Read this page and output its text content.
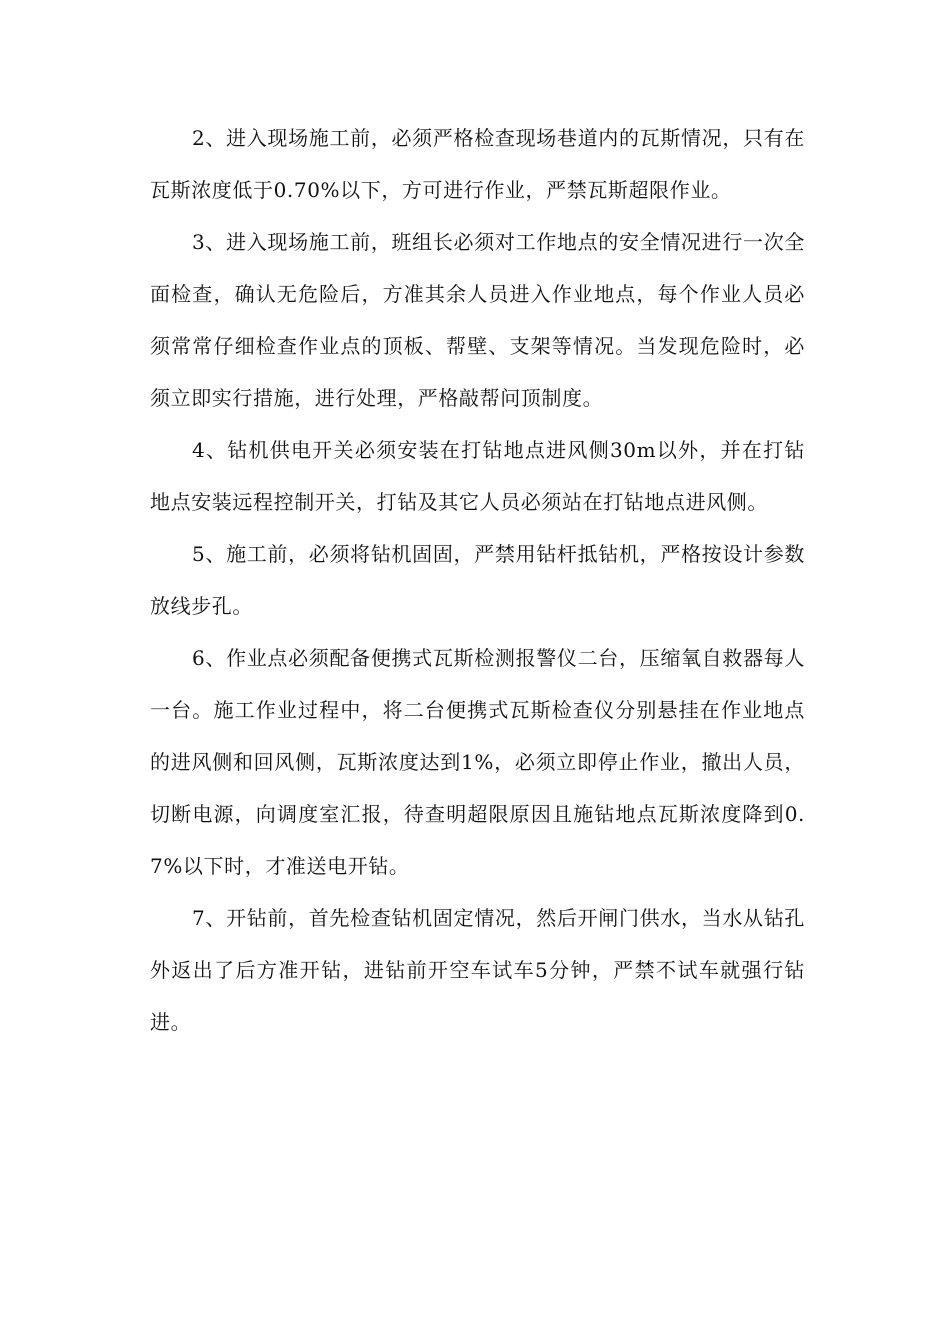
2、进入现场施工前，必须严格检查现场巷道内的瓦斯情况，只有在瓦斯浓度低于0.70%以下，方可进行作业，严禁瓦斯超限作业。

3、进入现场施工前，班组长必须对工作地点的安全情况进行一次全面检查，确认无危险后，方准其余人员进入作业地点，每个作业人员必须常常仔细检查作业点的顶板、帮壁、支架等情况。当发现危险时，必须立即实行措施，进行处理，严格敲帮问顶制度。

4、钻机供电开关必须安装在打钻地点进风侧30m以外，并在打钻地点安装远程控制开关，打钻及其它人员必须站在打钻地点进风侧。

5、施工前，必须将钻机固固，严禁用钻杆抵钻机，严格按设计参数放线步孔。

6、作业点必须配备便携式瓦斯检测报警仪二台，压缩氧自救器每人一台。施工作业过程中，将二台便携式瓦斯检查仪分别悬挂在作业地点的进风侧和回风侧，瓦斯浓度达到1%，必须立即停止作业，撤出人员，切断电源，向调度室汇报，待查明超限原因且施钻地点瓦斯浓度降到0.7%以下时，才准送电开钻。

7、开钻前，首先检查钻机固定情况，然后开闸门供水，当水从钻孔外返出了后方准开钻，进钻前开空车试车5分钟，严禁不试车就强行钻进。
